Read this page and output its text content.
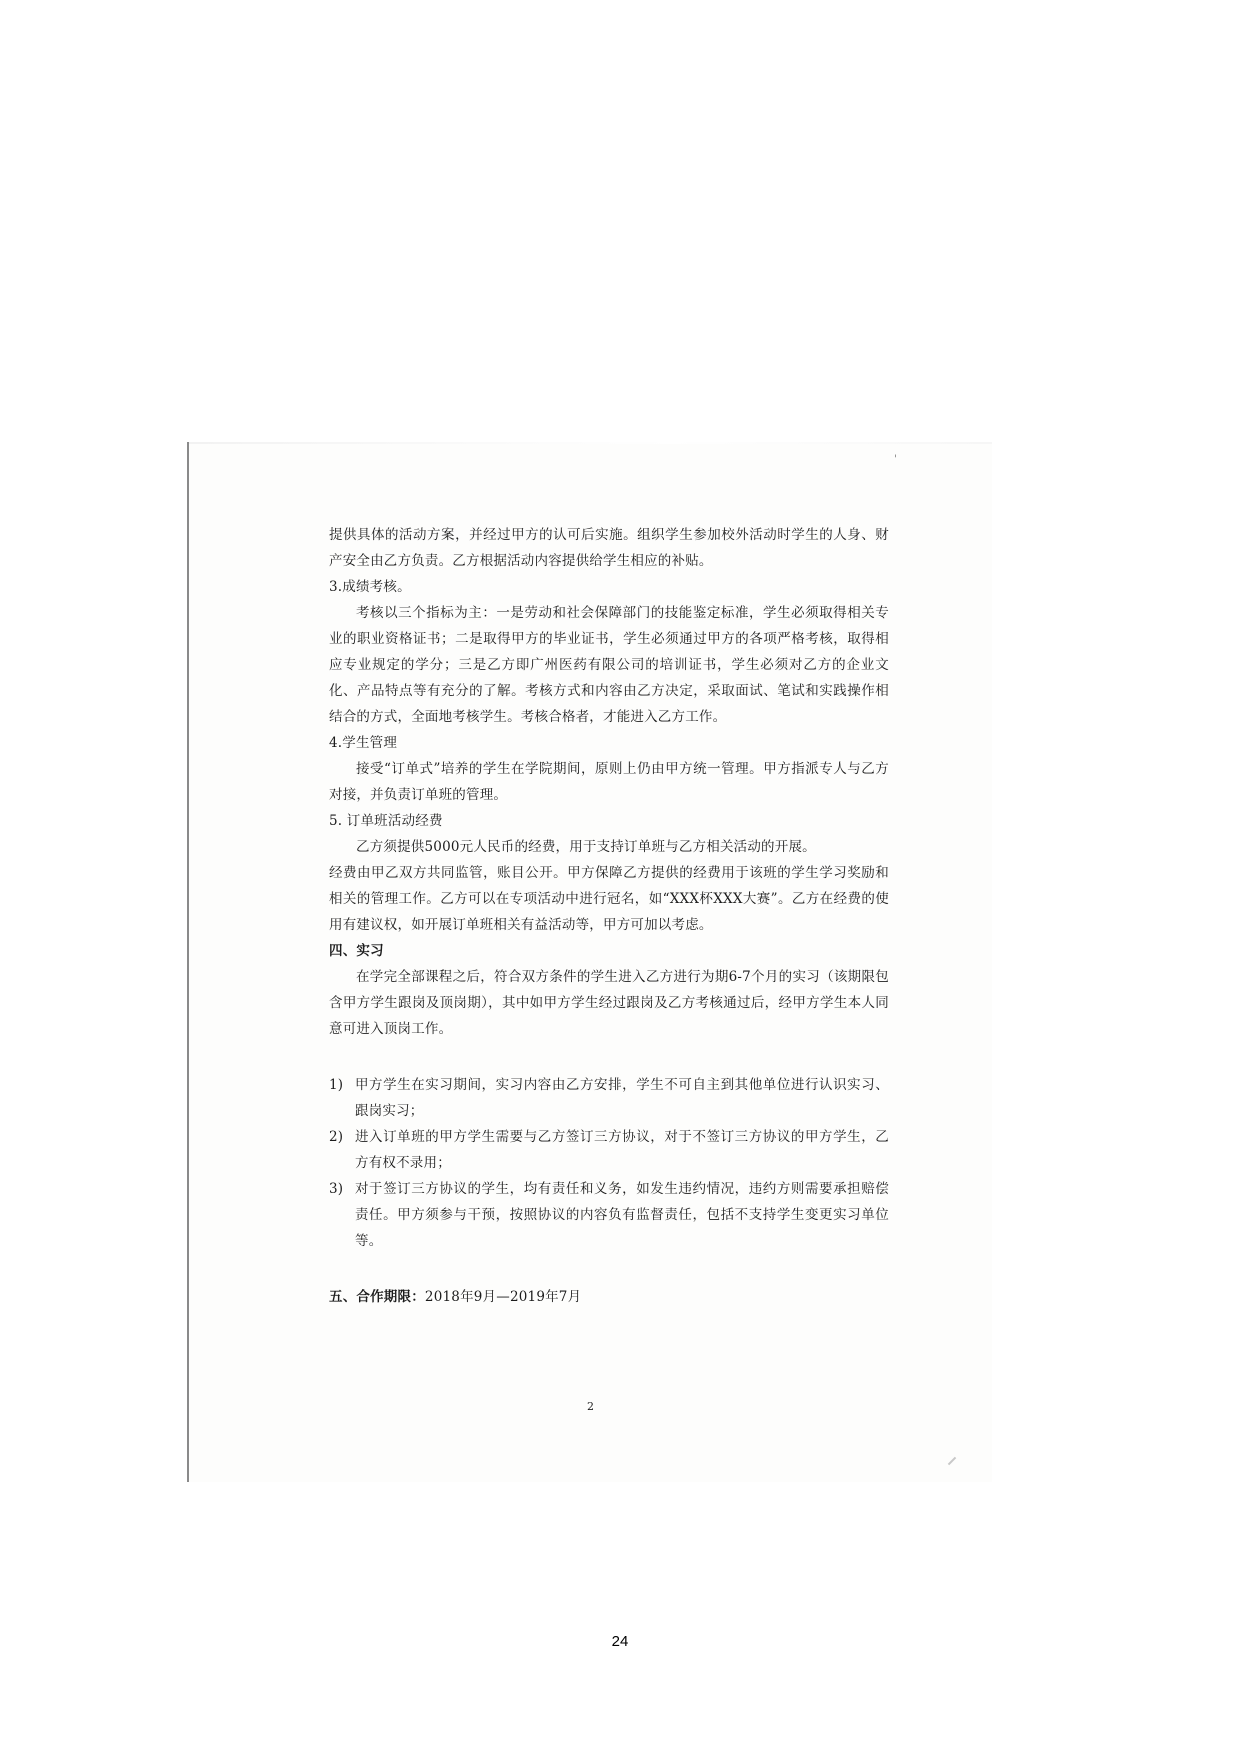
'

提供具体的活动方案，并经过甲方的认可后实施。组织学生参加校外活动时学生的人身、财产安全由乙方负责。乙方根据活动内容提供给学生相应的补贴。

3.成绩考核。

考核以三个指标为主：一是劳动和社会保障部门的技能鉴定标准，学生必须取得相关专业的职业资格证书；二是取得甲方的毕业证书，学生必须通过甲方的各项严格考核，取得相应专业规定的学分；三是乙方即广州医药有限公司的培训证书，学生必须对乙方的企业文化、产品特点等有充分的了解。考核方式和内容由乙方决定，采取面试、笔试和实践操作相结合的方式，全面地考核学生。考核合格者，才能进入乙方工作。

4.学生管理

接受“订单式”培养的学生在学院期间，原则上仍由甲方统一管理。甲方指派专人与乙方对接，并负责订单班的管理。

5. 订单班活动经费

乙方须提供5000元人民币的经费，用于支持订单班与乙方相关活动的开展。

经费由甲乙双方共同监管，账目公开。甲方保障乙方提供的经费用于该班的学生学习奖励和相关的管理工作。乙方可以在专项活动中进行冠名，如“XXX杯XXX大赛”。乙方在经费的使用有建议权，如开展订单班相关有益活动等，甲方可加以考虑。

四、实习

在学完全部课程之后，符合双方条件的学生进入乙方进行为期6-7个月的实习（该期限包含甲方学生跟岗及顶岗期），其中如甲方学生经过跟岗及乙方考核通过后，经甲方学生本人同意可进入顶岗工作。

1) 甲方学生在实习期间，实习内容由乙方安排，学生不可自主到其他单位进行认识实习、跟岗实习；
2) 进入订单班的甲方学生需要与乙方签订三方协议，对于不签订三方协议的甲方学生，乙方有权不录用；
3) 对于签订三方协议的学生，均有责任和义务，如发生违约情况，违约方则需要承担赔偿责任。甲方须参与干预，按照协议的内容负有监督责任，包括不支持学生变更实习单位等。

五、合作期限：2018年9月—2019年7月

2
24
